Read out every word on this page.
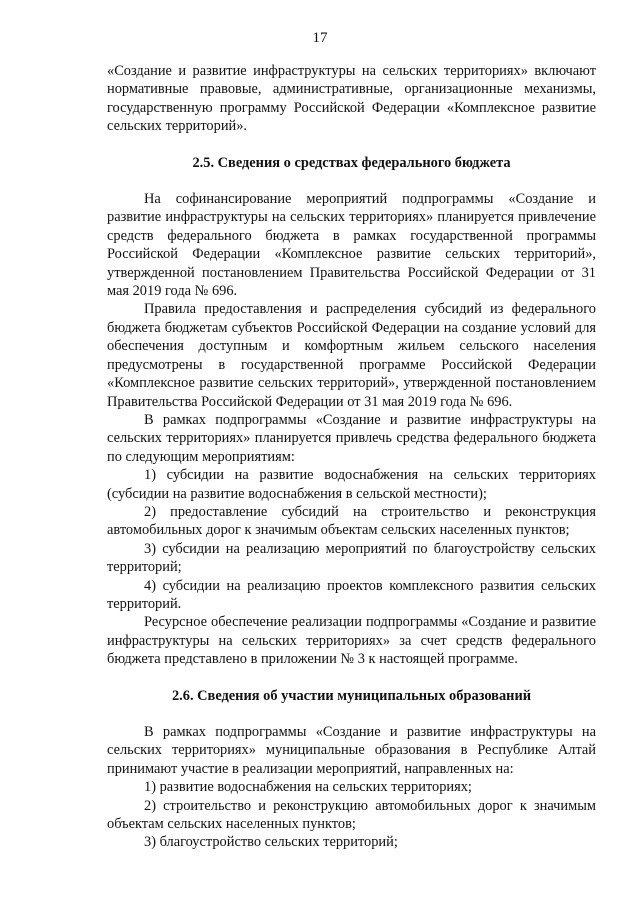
17

«Создание и развитие инфраструктуры на сельских территориях» включают нормативные правовые, административные, организационные механизмы, государственную программу Российской Федерации «Комплексное развитие сельских территорий».

2.5. Сведения о средствах федерального бюджета

На софинансирование мероприятий подпрограммы «Создание и развитие инфраструктуры на сельских территориях» планируется привлечение средств федерального бюджета в рамках государственной программы Российской Федерации «Комплексное развитие сельских территорий», утвержденной постановлением Правительства Российской Федерации от 31 мая 2019 года № 696.

Правила предоставления и распределения субсидий из федерального бюджета бюджетам субъектов Российской Федерации на создание условий для обеспечения доступным и комфортным жильем сельского населения предусмотрены в государственной программе Российской Федерации «Комплексное развитие сельских территорий», утвержденной постановлением Правительства Российской Федерации от 31 мая 2019 года № 696.

В рамках подпрограммы «Создание и развитие инфраструктуры на сельских территориях» планируется привлечь средства федерального бюджета по следующим мероприятиям:

1) субсидии на развитие водоснабжения на сельских территориях (субсидии на развитие водоснабжения в сельской местности);

2) предоставление субсидий на строительство и реконструкция автомобильных дорог к значимым объектам сельских населенных пунктов;

3) субсидии на реализацию мероприятий по благоустройству сельских территорий;

4) субсидии на реализацию проектов комплексного развития сельских территорий.

Ресурсное обеспечение реализации подпрограммы «Создание и развитие инфраструктуры на сельских территориях» за счет средств федерального бюджета представлено в приложении № 3 к настоящей программе.

2.6. Сведения об участии муниципальных образований

В рамках подпрограммы «Создание и развитие инфраструктуры на сельских территориях» муниципальные образования в Республике Алтай принимают участие в реализации мероприятий, направленных на:

1) развитие водоснабжения на сельских территориях;

2) строительство и реконструкцию автомобильных дорог к значимым объектам сельских населенных пунктов;

3) благоустройство сельских территорий;
